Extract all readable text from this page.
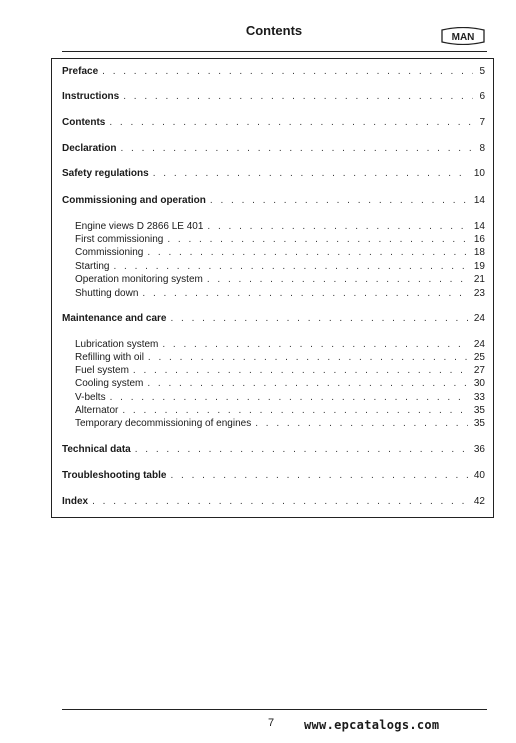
Contents	MAN
Preface . . .	5
Instructions . . .	6
Contents . . .	7
Declaration . . .	8
Safety regulations . . .	10
Commissioning and operation . . .	14
Engine views D 2866 LE 401 . . .	14
First commissioning . . .	16
Commissioning . . .	18
Starting . . .	19
Operation monitoring system . . .	21
Shutting down . . .	23
Maintenance and care . . .	24
Lubrication system . . .	24
Refilling with oil . . .	25
Fuel system . . .	27
Cooling system . . .	30
V-belts . . .	33
Alternator . . .	35
Temporary decommissioning of engines . . .	35
Technical data . . .	36
Troubleshooting table . . .	40
Index . . .	42
7 www.epcatalogs.com
